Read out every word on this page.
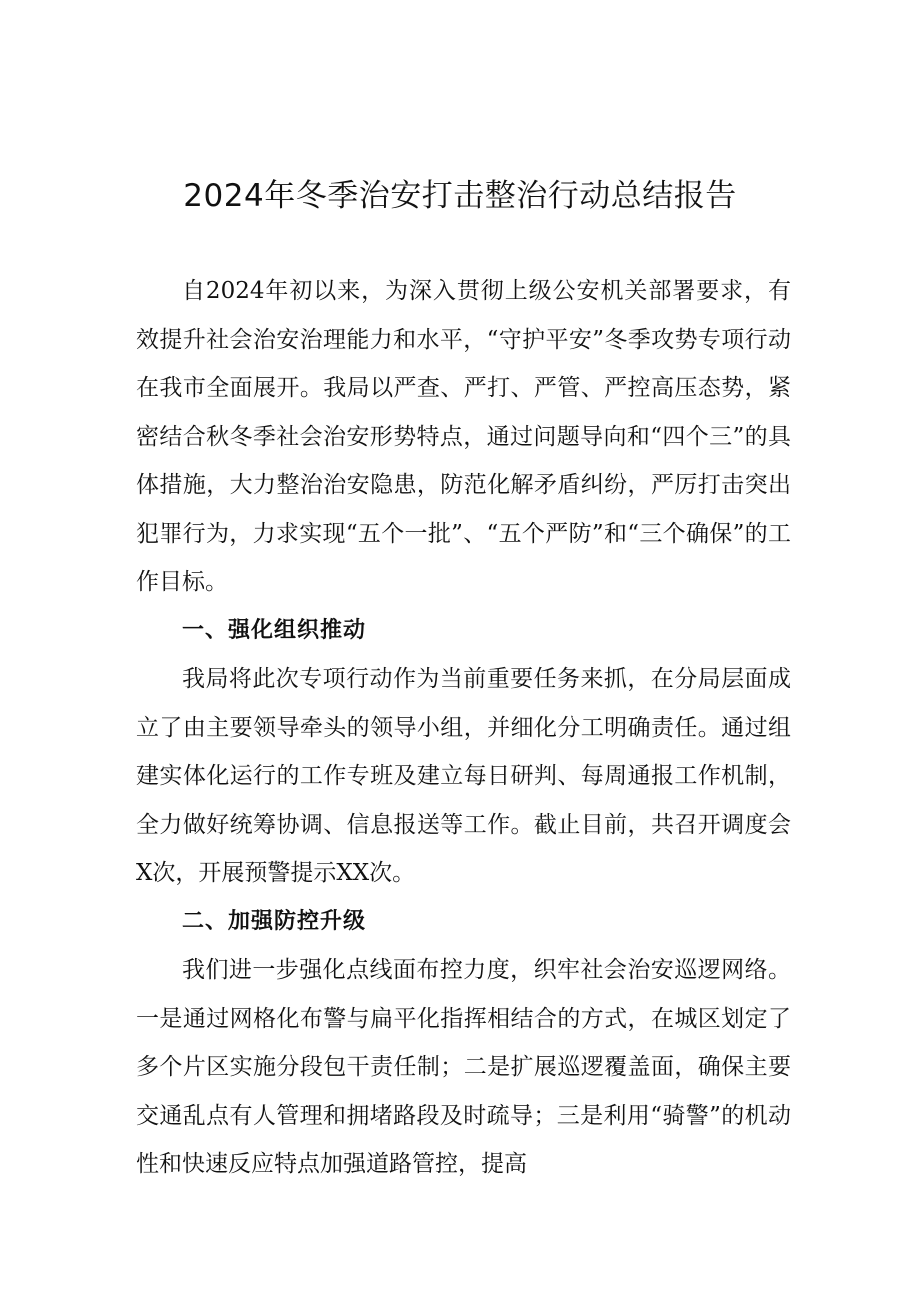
2024年冬季治安打击整治行动总结报告

自2024年初以来，为深入贯彻上级公安机关部署要求，有效提升社会治安治理能力和水平，“守护平安”冬季攻势专项行动在我市全面展开。我局以严查、严打、严管、严控高压态势，紧密结合秋冬季社会治安形势特点，通过问题导向和“四个三”的具体措施，大力整治治安隐患，防范化解矛盾纠纷，严厉打击突出犯罪行为，力求实现“五个一批”、“五个严防”和“三个确保”的工作目标。

一、强化组织推动

我局将此次专项行动作为当前重要任务来抓，在分局层面成立了由主要领导牵头的领导小组，并细化分工明确责任。通过组建实体化运行的工作专班及建立每日研判、每周通报工作机制，全力做好统筹协调、信息报送等工作。截止目前，共召开调度会X次，开展预警提示XX次。

二、加强防控升级

我们进一步强化点线面布控力度，织牢社会治安巡逻网络。一是通过网格化布警与扁平化指挥相结合的方式，在城区划定了多个片区实施分段包干责任制；二是扩展巡逻覆盖面，确保主要交通乱点有人管理和拥堵路段及时疏导；三是利用“骑警”的机动性和快速反应特点加强道路管控，提高
